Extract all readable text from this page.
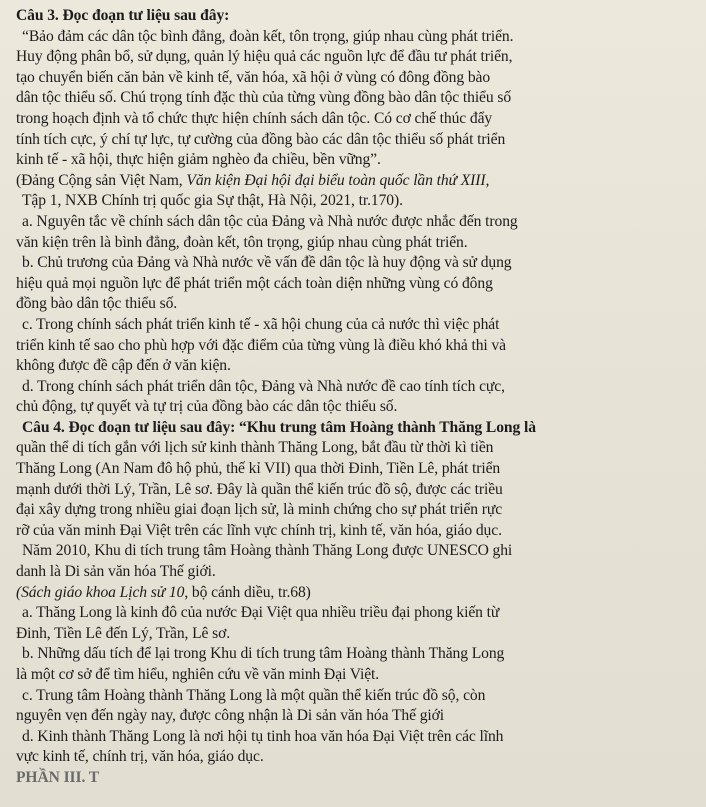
Câu 3. Đọc đoạn tư liệu sau đây:
“Bảo đảm các dân tộc bình đẳng, đoàn kết, tôn trọng, giúp nhau cùng phát triển.
Huy động phân bổ, sử dụng, quản lý hiệu quả các nguồn lực để đầu tư phát triển,
tạo chuyển biến căn bản về kinh tế, văn hóa, xã hội ở vùng có đông đồng bào
dân tộc thiểu số. Chú trọng tính đặc thù của từng vùng đồng bào dân tộc thiểu số
trong hoạch định và tổ chức thực hiện chính sách dân tộc. Có cơ chế thúc đẩy
tính tích cực, ý chí tự lực, tự cường của đồng bào các dân tộc thiểu số phát triển
kinh tế - xã hội, thực hiện giảm nghèo đa chiều, bền vững”.
(Đảng Cộng sản Việt Nam, Văn kiện Đại hội đại biểu toàn quốc lần thứ XIII,
Tập 1, NXB Chính trị quốc gia Sự thật, Hà Nội, 2021, tr.170).
a. Nguyên tắc về chính sách dân tộc của Đảng và Nhà nước được nhắc đến trong
văn kiện trên là bình đẳng, đoàn kết, tôn trọng, giúp nhau cùng phát triển.
b. Chủ trương của Đảng và Nhà nước về vấn đề dân tộc là huy động và sử dụng
hiệu quả mọi nguồn lực để phát triển một cách toàn diện những vùng có đông
đồng bào dân tộc thiểu số.
c. Trong chính sách phát triển kinh tế - xã hội chung của cả nước thì việc phát
triển kinh tế sao cho phù hợp với đặc điểm của từng vùng là điều khó khả thi và
không được đề cập đến ở văn kiện.
d. Trong chính sách phát triển dân tộc, Đảng và Nhà nước đề cao tính tích cực,
chủ động, tự quyết và tự trị của đồng bào các dân tộc thiểu số.
Câu 4. Đọc đoạn tư liệu sau đây: “Khu trung tâm Hoàng thành Thăng Long là
quần thể di tích gắn với lịch sử kinh thành Thăng Long, bắt đầu từ thời kì tiền
Thăng Long (An Nam đô hộ phủ, thế kỉ VII) qua thời Đinh, Tiền Lê, phát triển
mạnh dưới thời Lý, Trần, Lê sơ. Đây là quần thể kiến trúc đồ sộ, được các triều
đại xây dựng trong nhiều giai đoạn lịch sử, là minh chứng cho sự phát triển rực
rỡ của văn minh Đại Việt trên các lĩnh vực chính trị, kinh tế, văn hóa, giáo dục.
Năm 2010, Khu di tích trung tâm Hoàng thành Thăng Long được UNESCO ghi
danh là Di sản văn hóa Thế giới.
(Sách giáo khoa Lịch sử 10, bộ cánh diều, tr.68)
a. Thăng Long là kinh đô của nước Đại Việt qua nhiều triều đại phong kiến từ
Đinh, Tiền Lê đến Lý, Trần, Lê sơ.
b. Những dấu tích để lại trong Khu di tích trung tâm Hoàng thành Thăng Long
là một cơ sở để tìm hiểu, nghiên cứu về văn minh Đại Việt.
c. Trung tâm Hoàng thành Thăng Long là một quần thể kiến trúc đồ sộ, còn
nguyên vẹn đến ngày nay, được công nhận là Di sản văn hóa Thế giới
d. Kinh thành Thăng Long là nơi hội tụ tinh hoa văn hóa Đại Việt trên các lĩnh
vực kinh tế, chính trị, văn hóa, giáo dục.
PHẦN III. T
